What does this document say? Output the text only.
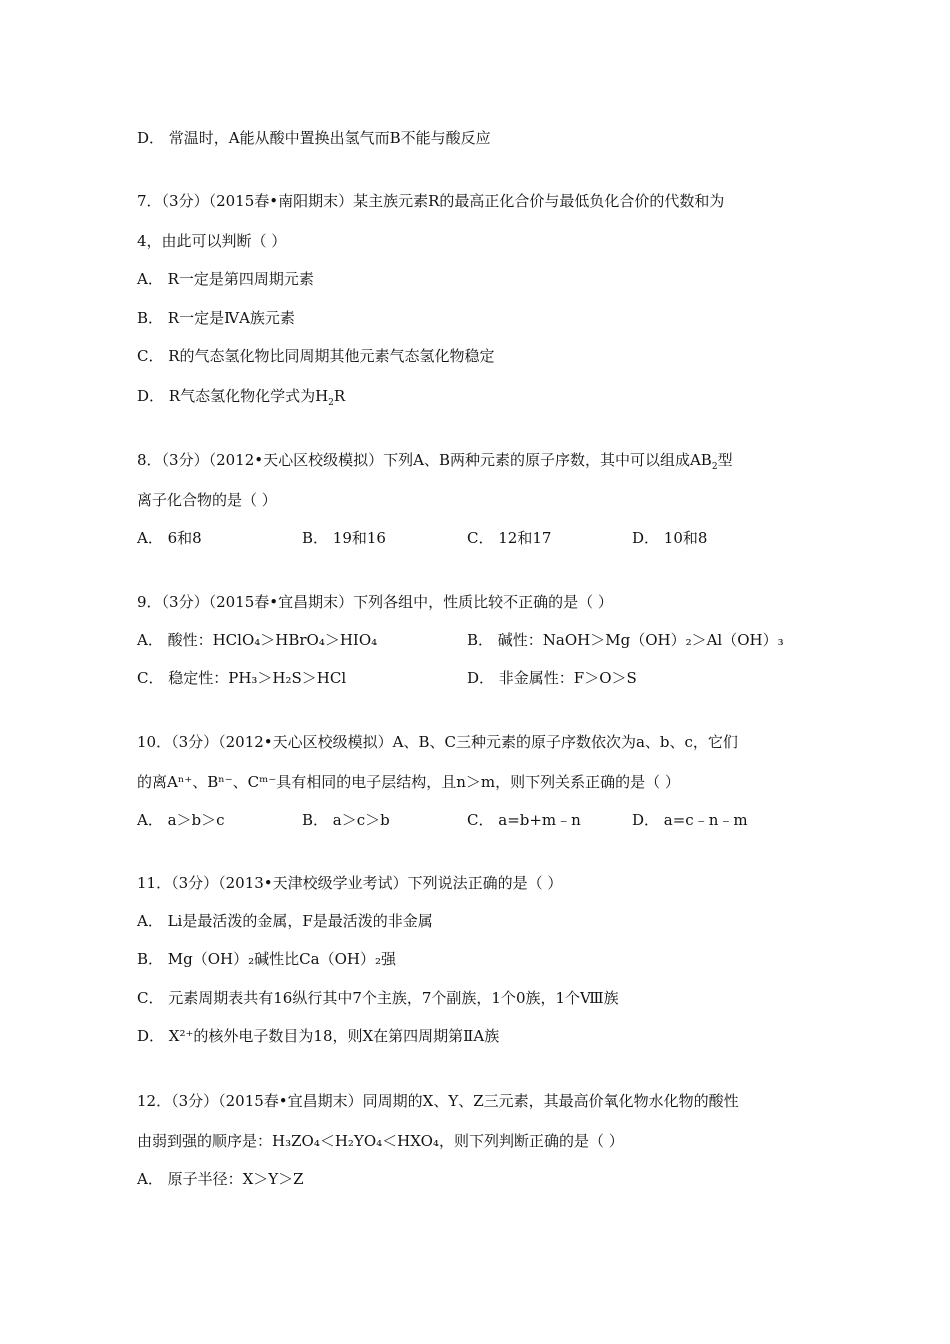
D． 常温时，A能从酸中置换出氢气而B不能与酸反应
7．（3分）（2015春•南阳期末）某主族元素R的最高正化合价与最低负化合价的代数和为
4，由此可以判断（ ）
A． R一定是第四周期元素
B． R一定是ⅣA族元素
C． R的气态氢化物比同周期其他元素气态氢化物稳定
D． R气态氢化物化学式为$H_2R$
8．（3分）（2012•天心区校级模拟）下列A、B两种元素的原子序数，其中可以组成$AB_2$型
离子化合物的是（ ）
A． 6和8	B． 19和16	C． 12和17	D． 10和8
9．（3分）（2015春•宜昌期末）下列各组中，性质比较不正确的是（ ）
A． 酸性：HClO₄＞HBrO₄＞HIO₄	B． 碱性：NaOH＞Mg（OH）₂＞Al（OH）₃
C． 稳定性：PH₃＞H₂S＞HCl	D． 非金属性：F＞O＞S
10．（3分）（2012•天心区校级模拟）A、B、C三种元素的原子序数依次为a、b、c，它们
的离Aⁿ⁺、Bⁿ⁻、Cᵐ⁻具有相同的电子层结构，且n＞m，则下列关系正确的是（ ）
A． a＞b＞c	B． a＞c＞b	C． a=b+m﹣n	D． a=c﹣n﹣m
11．（3分）（2013•天津校级学业考试）下列说法正确的是（ ）
A． Li是最活泼的金属，F是最活泼的非金属
B． Mg（OH）₂碱性比Ca（OH）₂强
C． 元素周期表共有16纵行其中7个主族，7个副族，1个0族，1个Ⅷ族
D． X²⁺的核外电子数目为18，则X在第四周期第ⅡA族
12．（3分）（2015春•宜昌期末）同周期的X、Y、Z三元素，其最高价氧化物水化物的酸性
由弱到强的顺序是：H₃ZO₄＜H₂YO₄＜HXO₄，则下列判断正确的是（ ）
A． 原子半径：X＞Y＞Z
